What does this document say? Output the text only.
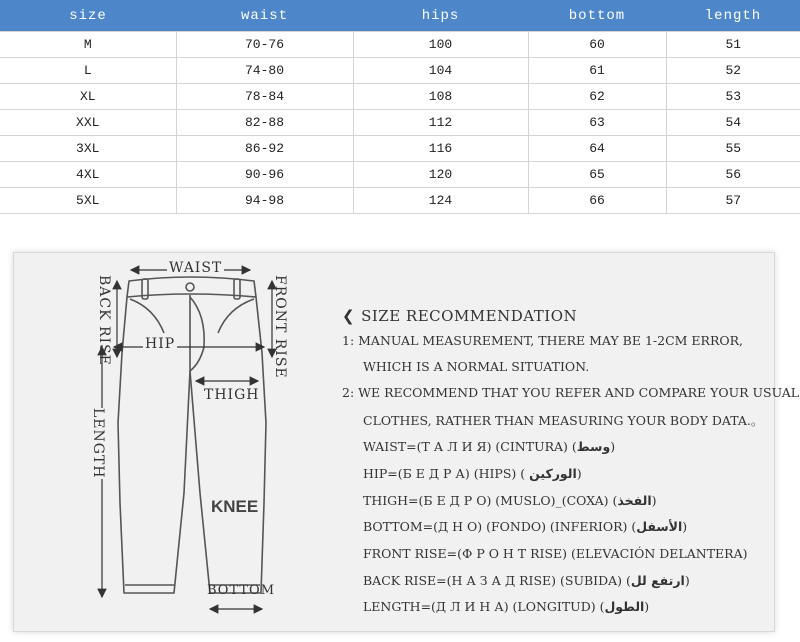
size	waist	hips	bottom	length
M	70-76	100	60	51
L	74-80	104	61	52
XL	78-84	108	62	53
XXL	82-88	112	63	54
3XL	86-92	116	64	55
4XL	90-96	120	65	56
5XL	94-98	124	66	57
WAIST
BACK RISE	FRONT RISE
HIP
THIGH
LENGTH
KNEE
BOTTOM
❮ SIZE RECOMMENDATION
1: MANUAL MEASUREMENT, THERE MAY BE 1-2CM ERROR,
WHICH IS A NORMAL SITUATION.
2: WE RECOMMEND THAT YOU REFER AND COMPARE YOUR USUAL
CLOTHES, RATHER THAN MEASURING YOUR BODY DATA.。
WAIST=(Т А Л И Я) (CINTURA) (وسط)
HIP=(Б Е Д Р А) (HIPS) ( الوركين)
THIGH=(Б Е Д Р О) (MUSLO)_(COXA) (الفخذ)
BOTTOM=(Д Н О) (FONDO) (INFERIOR) (الأسفل)
FRONT RISE=(Ф Р О Н Т RISE) (ELEVACIÓN DELANTERA)
BACK RISE=(Н А З А Д RISE) (SUBIDA) (ارتفع لل)
LENGTH=(Д Л И Н А) (LONGITUD) (الطول)
